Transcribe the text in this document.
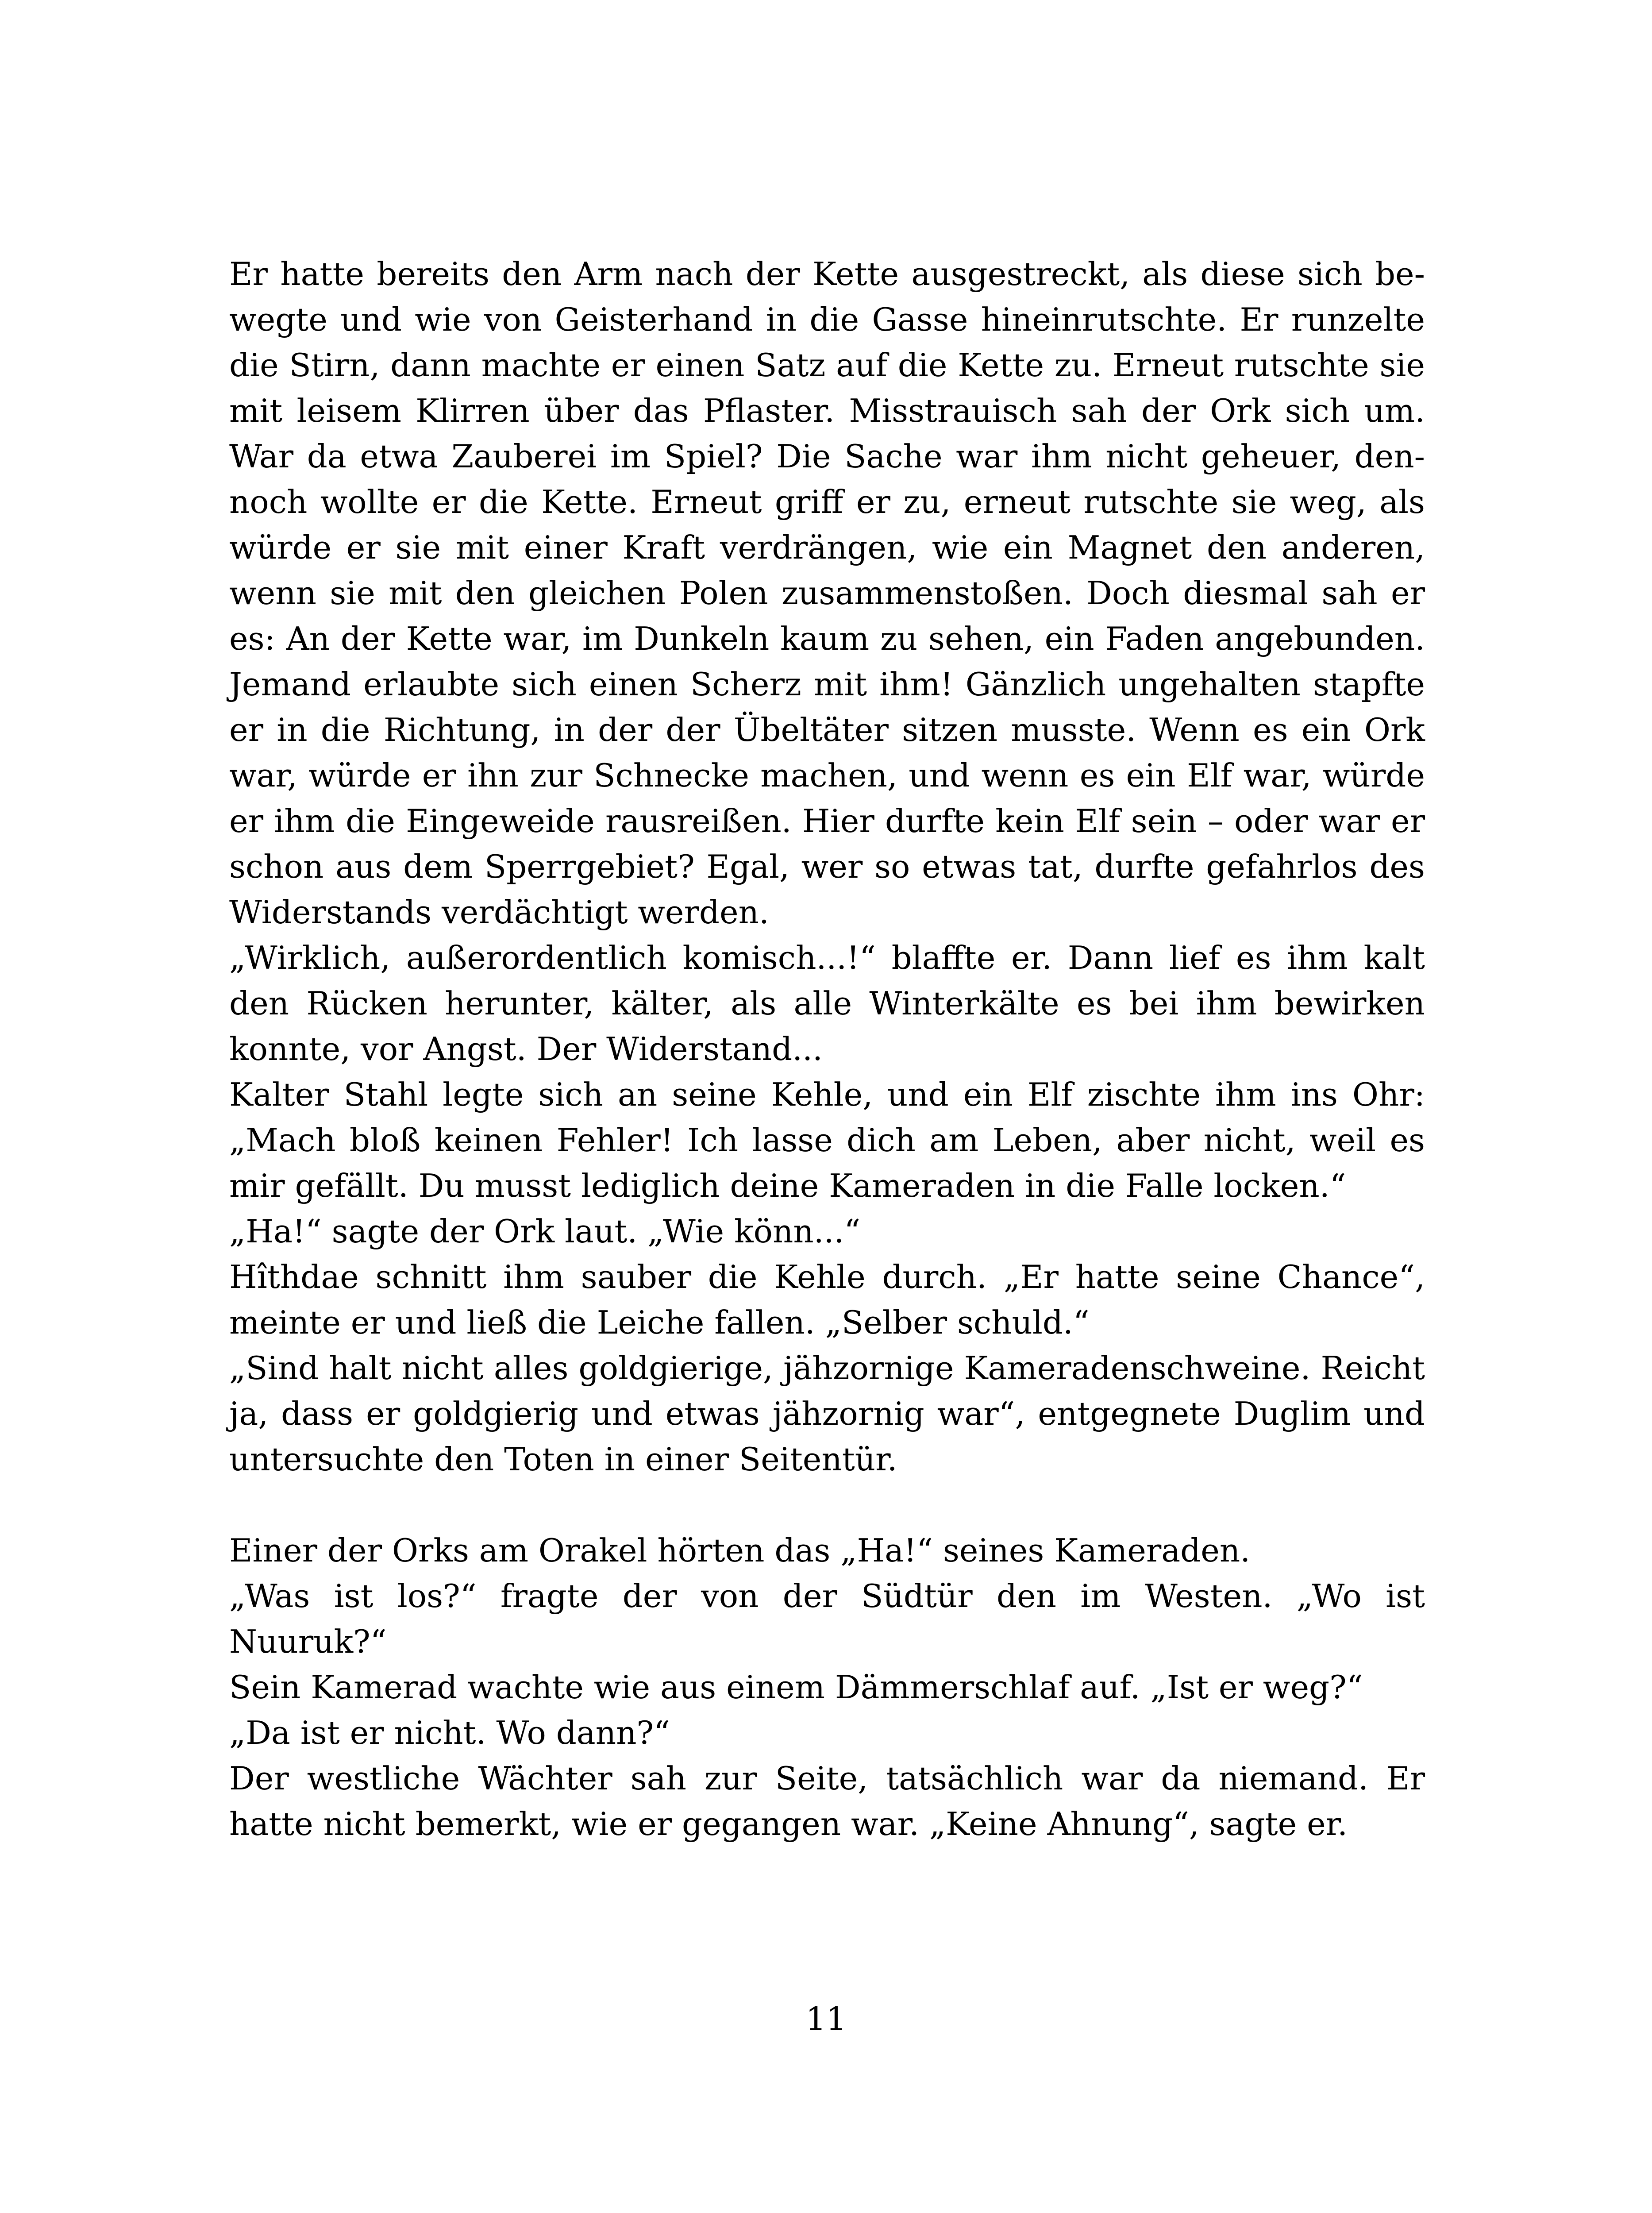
Er hatte bereits den Arm nach der Kette ausgestreckt, als diese sich bewegte und wie von Geisterhand in die Gasse hineinrutschte. Er runzelte die Stirn, dann machte er einen Satz auf die Kette zu. Erneut rutschte sie mit leisem Klirren über das Pflaster. Misstrauisch sah der Ork sich um. War da etwa Zauberei im Spiel? Die Sache war ihm nicht geheuer, dennoch wollte er die Kette. Erneut griff er zu, erneut rutschte sie weg, als würde er sie mit einer Kraft verdrängen, wie ein Magnet den anderen, wenn sie mit den gleichen Polen zusammenstoßen. Doch diesmal sah er es: An der Kette war, im Dunkeln kaum zu sehen, ein Faden angebunden. Jemand erlaubte sich einen Scherz mit ihm! Gänzlich ungehalten stapfte er in die Richtung, in der der Übeltäter sitzen musste. Wenn es ein Ork war, würde er ihn zur Schnecke machen, und wenn es ein Elf war, würde er ihm die Eingeweide rausreißen. Hier durfte kein Elf sein – oder war er schon aus dem Sperrgebiet? Egal, wer so etwas tat, durfte gefahrlos des Widerstands verdächtigt werden.

„Wirklich, außerordentlich komisch...!“ blaffte er. Dann lief es ihm kalt den Rücken herunter, kälter, als alle Winterkälte es bei ihm bewirken konnte, vor Angst. Der Widerstand...

Kalter Stahl legte sich an seine Kehle, und ein Elf zischte ihm ins Ohr: „Mach bloß keinen Fehler! Ich lasse dich am Leben, aber nicht, weil es mir gefällt. Du musst lediglich deine Kameraden in die Falle locken.“

„Ha!“ sagte der Ork laut. „Wie könn...“

Hîthdae schnitt ihm sauber die Kehle durch. „Er hatte seine Chance“, meinte er und ließ die Leiche fallen. „Selber schuld.“

„Sind halt nicht alles goldgierige, jähzornige Kameradenschweine. Reicht ja, dass er goldgierig und etwas jähzornig war“, entgegnete Duglim und untersuchte den Toten in einer Seitentür.

Einer der Orks am Orakel hörten das „Ha!“ seines Kameraden.

„Was ist los?“ fragte der von der Südtür den im Westen. „Wo ist Nuuruk?“

Sein Kamerad wachte wie aus einem Dämmerschlaf auf. „Ist er weg?“

„Da ist er nicht. Wo dann?“

Der westliche Wächter sah zur Seite, tatsächlich war da niemand. Er hatte nicht bemerkt, wie er gegangen war. „Keine Ahnung“, sagte er.

11
